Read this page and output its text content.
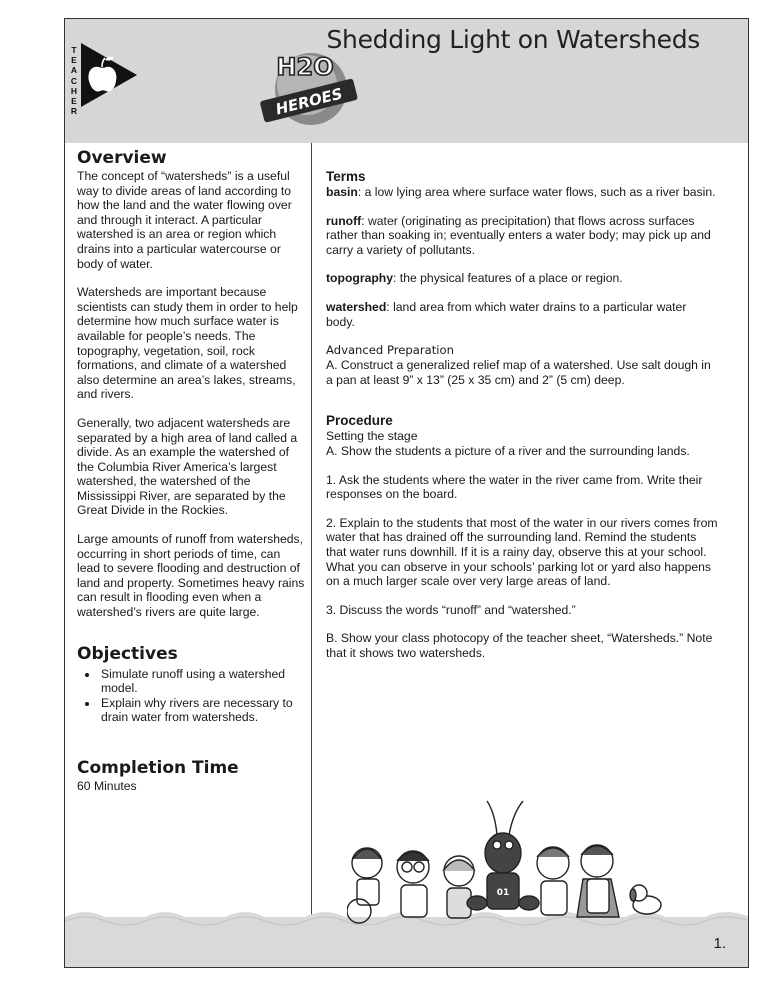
T
E
A
C
H
E
R
H2O
HEROES
Shedding Light on Watersheds
Overview

The concept of “watersheds” is a useful way to divide areas of land according to how the land and the water flowing over and through it interact. A particular watershed is an area or region which drains into a particular watercourse or body of water.

Watersheds are important because scientists can study them in order to help determine how much surface water is available for people’s needs. The topography, vegetation, soil, rock formations, and climate of a watershed also determine an area’s lakes, streams, and rivers.

Generally, two adjacent watersheds are separated by a high area of land called a divide. As an example the watershed of the Columbia River America’s largest watershed, the watershed of the Mississippi River, are separated by the Great Divide in the Rockies.

Large amounts of runoff from watersheds, occurring in short periods of time, can lead to severe flooding and destruction of land and property. Sometimes heavy rains can result in flooding even when a watershed’s rivers are quite large.

Objectives
• Simulate runoff using a watershed model.
• Explain why rivers are necessary to drain water from watersheds.
Completion Time

60 Minutes

Terms

basin: a low lying area where surface water flows, such as a river basin.

runoff: water (originating as precipitation) that flows across surfaces rather than soaking in; eventually enters a water body; may pick up and carry a variety of pollutants.

topography: the physical features of a place or region.

watershed: land area from which water drains to a particular water body.

Advanced Preparation

A. Construct a generalized relief map of a watershed. Use salt dough in a pan at least 9” x 13” (25 x 35 cm) and 2” (5 cm) deep.

Procedure

Setting the stage

A. Show the students a picture of a river and the surrounding lands.

1. Ask the students where the water in the river came from. Write their responses on the board.

2. Explain to the students that most of the water in our rivers comes from water that has drained off the surrounding land. Remind the students that water runs downhill. If it is a rainy day, observe this at your school. What you can observe in your schools’ parking lot or yard also happens on a much larger scale over very large areas of land.

3. Discuss the words “runoff” and “watershed.”

B. Show your class photocopy of the teacher sheet, “Watersheds.” Note that it shows two watersheds.

01
1.
